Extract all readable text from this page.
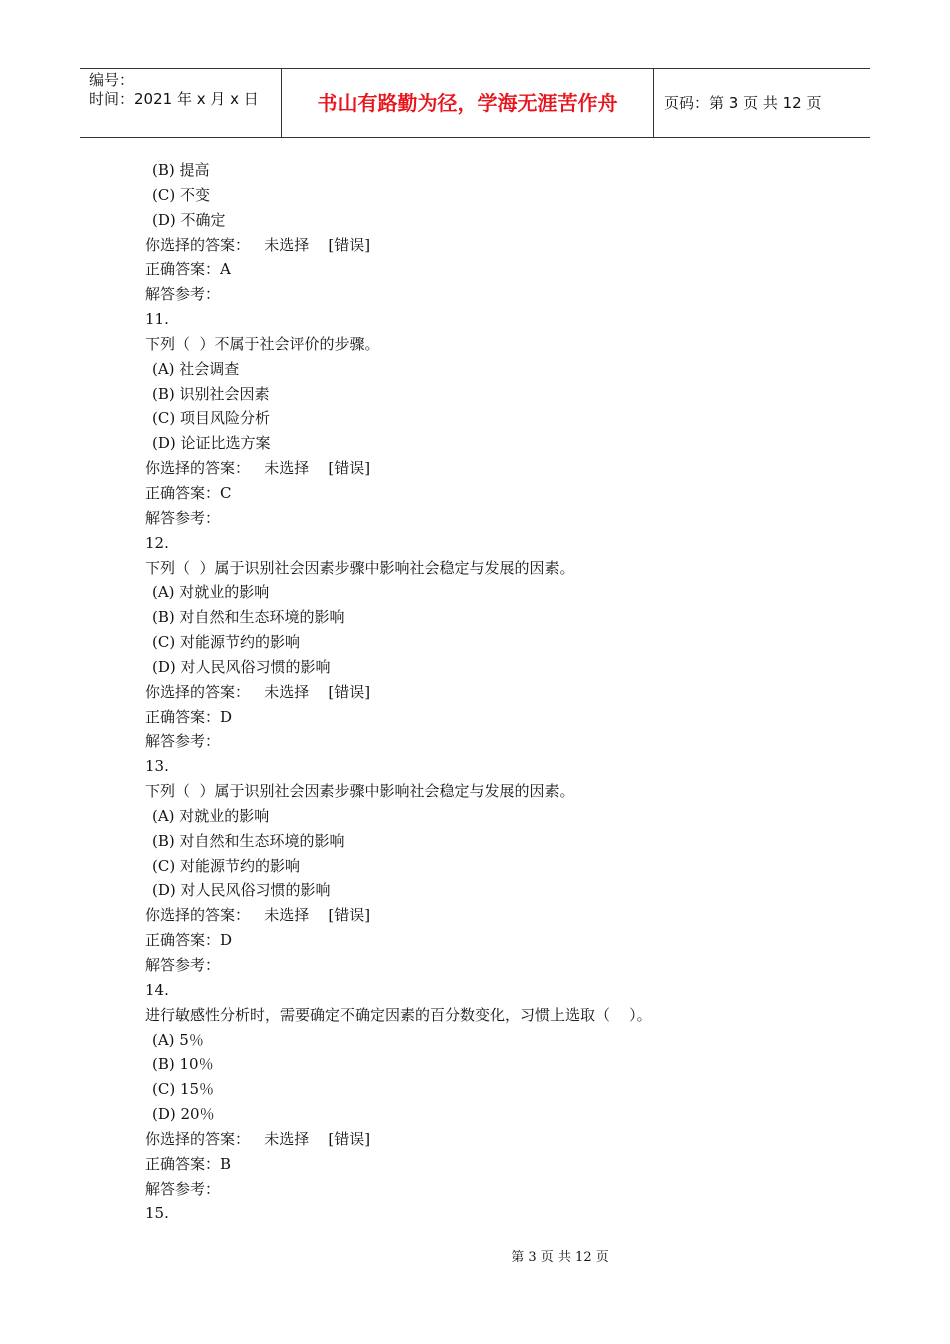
编号：
时间：2021 年 x 月 x 日	书山有路勤为径，学海无涯苦作舟	页码：第 3 页 共 12 页
(B) 提高
(C) 不变
(D) 不确定
你选择的答案：   未选择    [错误]
正确答案：A
解答参考：
11.
下列（  ）不属于社会评价的步骤。
(A) 社会调查
(B) 识别社会因素
(C) 项目风险分析
(D) 论证比选方案
你选择的答案：   未选择    [错误]
正确答案：C
解答参考：
12.
下列（  ）属于识别社会因素步骤中影响社会稳定与发展的因素。
(A) 对就业的影响
(B) 对自然和生态环境的影响
(C) 对能源节约的影响
(D) 对人民风俗习惯的影响
你选择的答案：   未选择    [错误]
正确答案：D
解答参考：
13.
下列（  ）属于识别社会因素步骤中影响社会稳定与发展的因素。
(A) 对就业的影响
(B) 对自然和生态环境的影响
(C) 对能源节约的影响
(D) 对人民风俗习惯的影响
你选择的答案：   未选择    [错误]
正确答案：D
解答参考：
14.
进行敏感性分析时，需要确定不确定因素的百分数变化，习惯上选取（    ）。
(A) 5％
(B) 10％
(C) 15％
(D) 20％
你选择的答案：   未选择    [错误]
正确答案：B
解答参考：
15.
第 3 页 共 12 页
